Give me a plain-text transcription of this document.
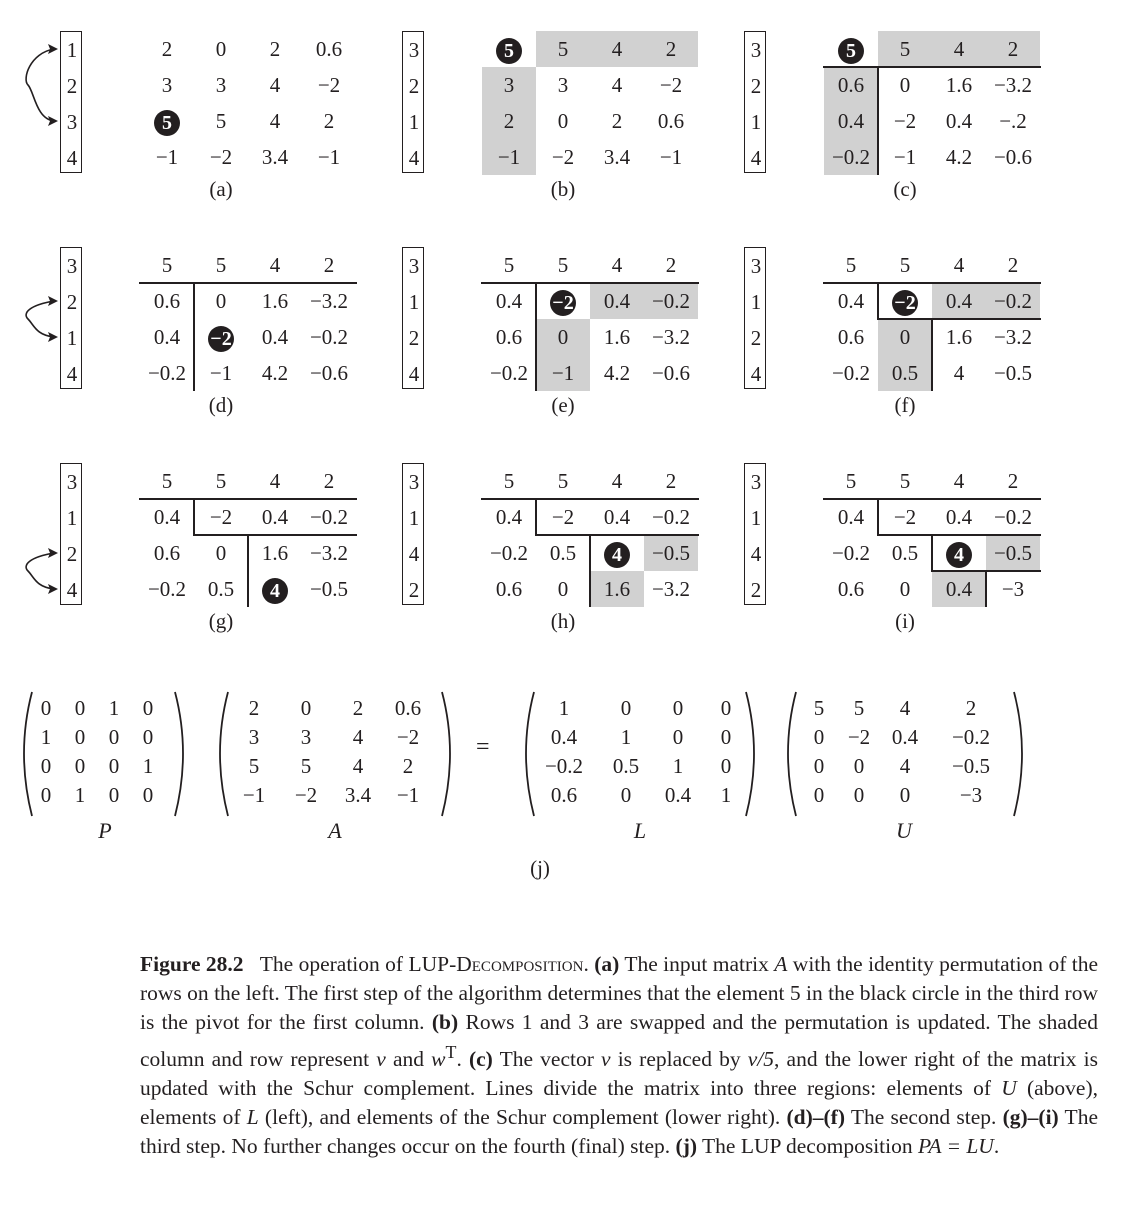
1
2
3
4
2	0	2	0.6
3	3	4	−2
5	5	4	2
−1	−2	3.4	−1
(a)
3
2
1
4
5	5	4	2
3	3	4	−2
2	0	2	0.6
−1	−2	3.4	−1
(b)
3
2
1
4
5	5	4	2
0.6	0	1.6	−3.2
0.4	−2	0.4	−.2
−0.2	−1	4.2	−0.6
(c)
3
2
1
4
5	5	4	2
0.6	0	1.6	−3.2
0.4	−2	0.4	−0.2
−0.2	−1	4.2	−0.6
(d)
3
1
2
4
5	5	4	2
0.4	−2	0.4	−0.2
0.6	0	1.6	−3.2
−0.2	−1	4.2	−0.6
(e)
3
1
2
4
5	5	4	2
0.4	−2	0.4	−0.2
0.6	0	1.6	−3.2
−0.2	0.5	4	−0.5
(f)
3
1
2
4
5	5	4	2
0.4	−2	0.4	−0.2
0.6	0	1.6	−3.2
−0.2	0.5	4	−0.5
(g)
3
1
4
2
5	5	4	2
0.4	−2	0.4	−0.2
−0.2	0.5	4	−0.5
0.6	0	1.6	−3.2
(h)
3
1
4
2
5	5	4	2
0.4	−2	0.4	−0.2
−0.2	0.5	4	−0.5
0.6	0	0.4	−3
(i)
0	0	1	0
1	0	0	0
0	0	0	1
0	1	0	0
P
2	0	2	0.6
3	3	4	−2
5	5	4	2
−1	−2	3.4	−1
A
1	0	0	0
0.4	1	0	0
−0.2	0.5	1	0
0.6	0	0.4	1
L
5	5	4	2
0	−2	0.4	−0.2
0	0	4	−0.5
0	0	0	−3
U
=
(j)
Figure 28.2 The operation of LUP-Decomposition. (a) The input matrix A with the identity permutation of the rows on the left. The first step of the algorithm determines that the element 5 in the black circle in the third row is the pivot for the first column. (b) Rows 1 and 3 are swapped and the permutation is updated. The shaded column and row represent v and $w^T$. (c) The vector v is replaced by v/5, and the lower right of the matrix is updated with the Schur complement. Lines divide the matrix into three regions: elements of U (above), elements of L (left), and elements of the Schur complement (lower right). (d)–(f) The second step. (g)–(i) The third step. No further changes occur on the fourth (final) step. (j) The LUP decomposition PA = LU.
